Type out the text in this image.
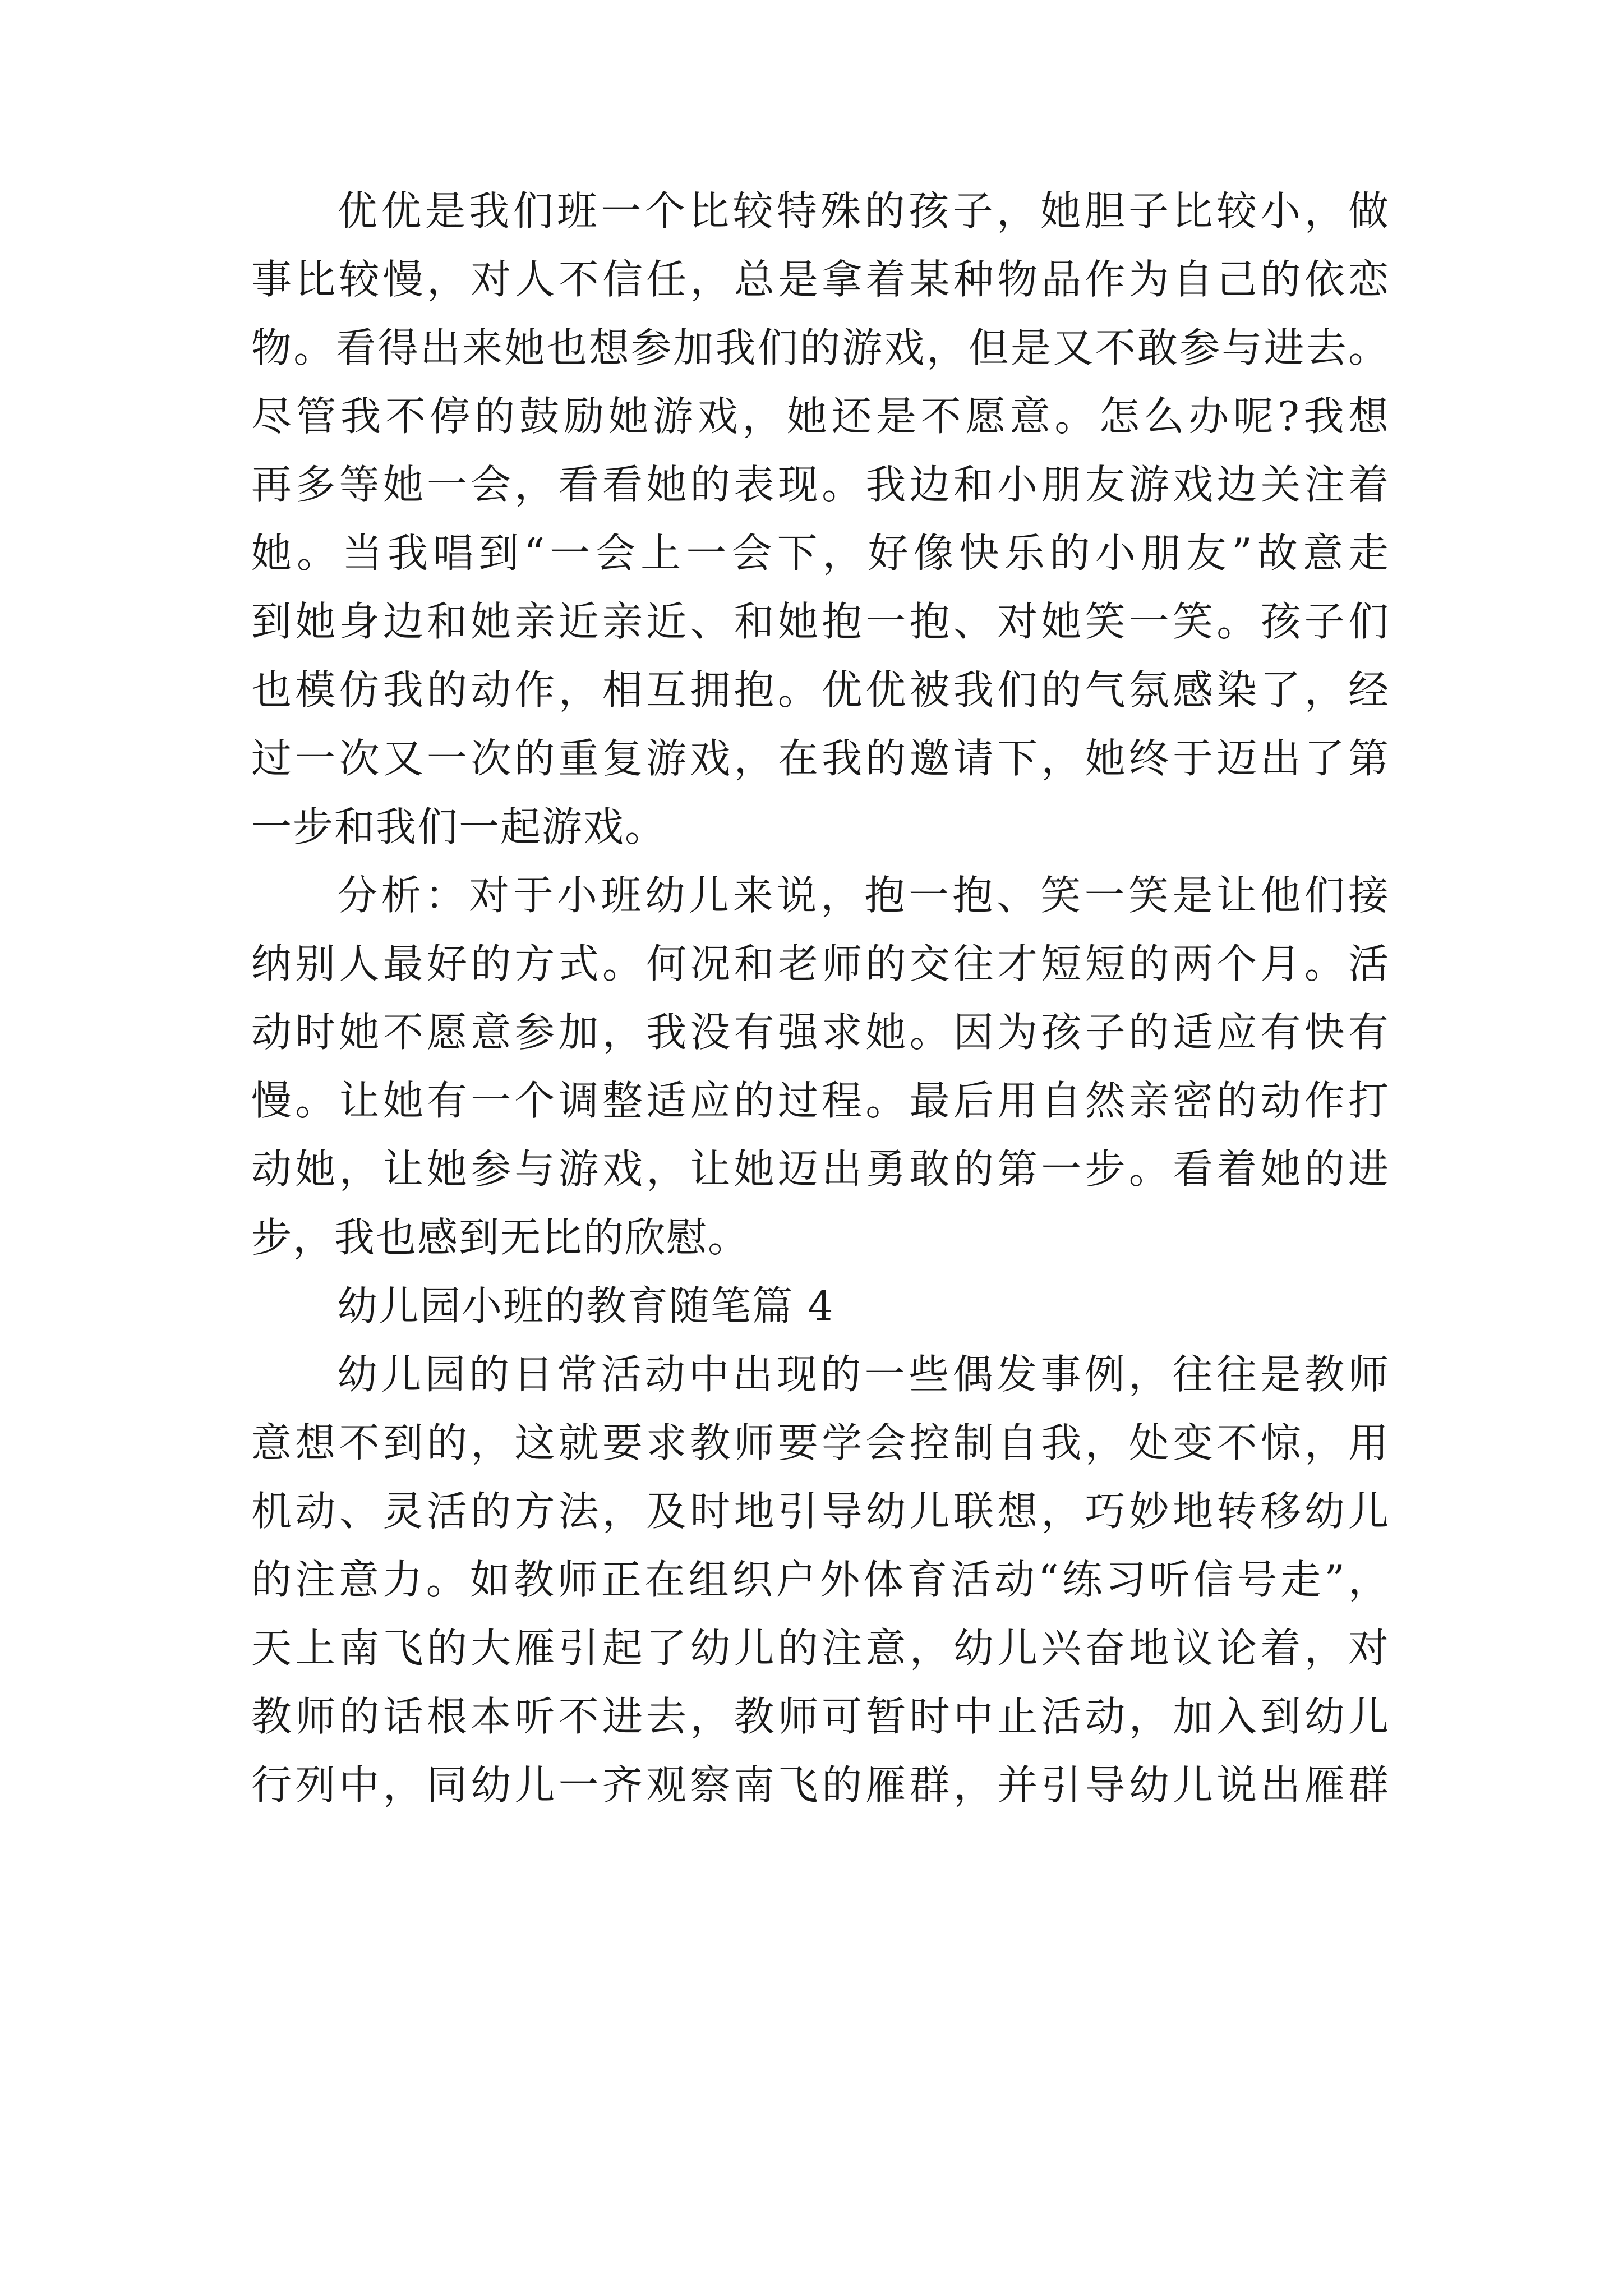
优优是我们班一个比较特殊的孩子，她胆子比较小，做
事比较慢，对人不信任，总是拿着某种物品作为自己的依恋
物。看得出来她也想参加我们的游戏，但是又不敢参与进去。
尽管我不停的鼓励她游戏，她还是不愿意。怎么办呢?我想
再多等她一会，看看她的表现。我边和小朋友游戏边关注着
她。当我唱到“一会上一会下，好像快乐的小朋友”故意走
到她身边和她亲近亲近、和她抱一抱、对她笑一笑。孩子们
也模仿我的动作，相互拥抱。优优被我们的气氛感染了，经
过一次又一次的重复游戏，在我的邀请下，她终于迈出了第
一步和我们一起游戏。
分析：对于小班幼儿来说，抱一抱、笑一笑是让他们接
纳别人最好的方式。何况和老师的交往才短短的两个月。活
动时她不愿意参加，我没有强求她。因为孩子的适应有快有
慢。让她有一个调整适应的过程。最后用自然亲密的动作打
动她，让她参与游戏，让她迈出勇敢的第一步。看着她的进
步，我也感到无比的欣慰。
幼儿园小班的教育随笔篇 4
幼儿园的日常活动中出现的一些偶发事例，往往是教师
意想不到的，这就要求教师要学会控制自我，处变不惊，用
机动、灵活的方法，及时地引导幼儿联想，巧妙地转移幼儿
的注意力。如教师正在组织户外体育活动“练习听信号走”，
天上南飞的大雁引起了幼儿的注意，幼儿兴奋地议论着，对
教师的话根本听不进去，教师可暂时中止活动，加入到幼儿
行列中，同幼儿一齐观察南飞的雁群，并引导幼儿说出雁群
